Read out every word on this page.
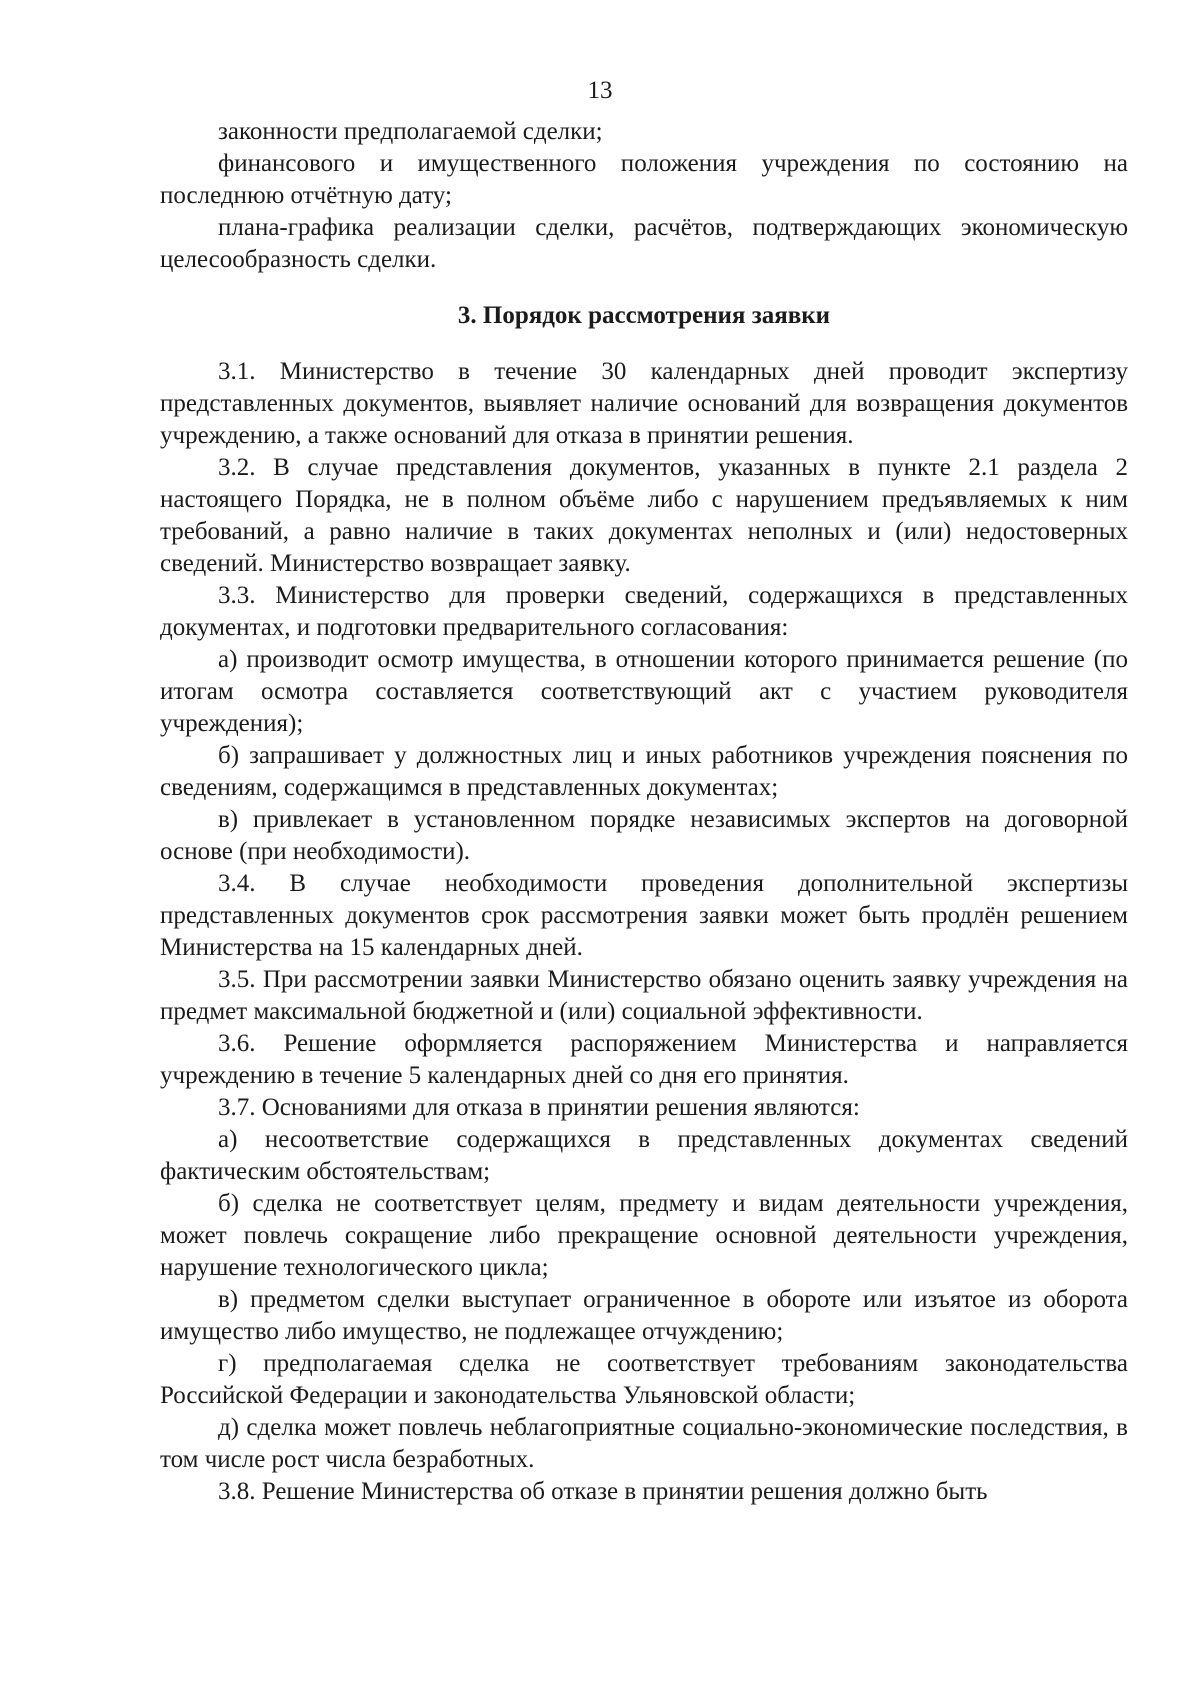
13

законности предполагаемой сделки;

финансового и имущественного положения учреждения по состоянию на последнюю отчётную дату;

плана-графика реализации сделки, расчётов, подтверждающих экономическую целесообразность сделки.

3. Порядок рассмотрения заявки

3.1. Министерство в течение 30 календарных дней проводит экспертизу представленных документов, выявляет наличие оснований для возвращения документов учреждению, а также оснований для отказа в принятии решения.

3.2. В случае представления документов, указанных в пункте 2.1 раздела 2 настоящего Порядка, не в полном объёме либо с нарушением предъявляемых к ним требований, а равно наличие в таких документах неполных и (или) недостоверных сведений. Министерство возвращает заявку.

3.3. Министерство для проверки сведений, содержащихся в представленных документах, и подготовки предварительного согласования:

а) производит осмотр имущества, в отношении которого принимается решение (по итогам осмотра составляется соответствующий акт с участием руководителя учреждения);

б) запрашивает у должностных лиц и иных работников учреждения пояснения по сведениям, содержащимся в представленных документах;

в) привлекает в установленном порядке независимых экспертов на договорной основе (при необходимости).

3.4. В случае необходимости проведения дополнительной экспертизы представленных документов срок рассмотрения заявки может быть продлён решением Министерства на 15 календарных дней.

3.5. При рассмотрении заявки Министерство обязано оценить заявку учреждения на предмет максимальной бюджетной и (или) социальной эффективности.

3.6. Решение оформляется распоряжением Министерства и направляется учреждению в течение 5 календарных дней со дня его принятия.

3.7. Основаниями для отказа в принятии решения являются:

а) несоответствие содержащихся в представленных документах сведений фактическим обстоятельствам;

б) сделка не соответствует целям, предмету и видам деятельности учреждения, может повлечь сокращение либо прекращение основной деятельности учреждения, нарушение технологического цикла;

в) предметом сделки выступает ограниченное в обороте или изъятое из оборота имущество либо имущество, не подлежащее отчуждению;

г) предполагаемая сделка не соответствует требованиям законодательства Российской Федерации и законодательства Ульяновской области;

д) сделка может повлечь неблагоприятные социально-экономические последствия, в том числе рост числа безработных.

3.8. Решение Министерства об отказе в принятии решения должно быть
